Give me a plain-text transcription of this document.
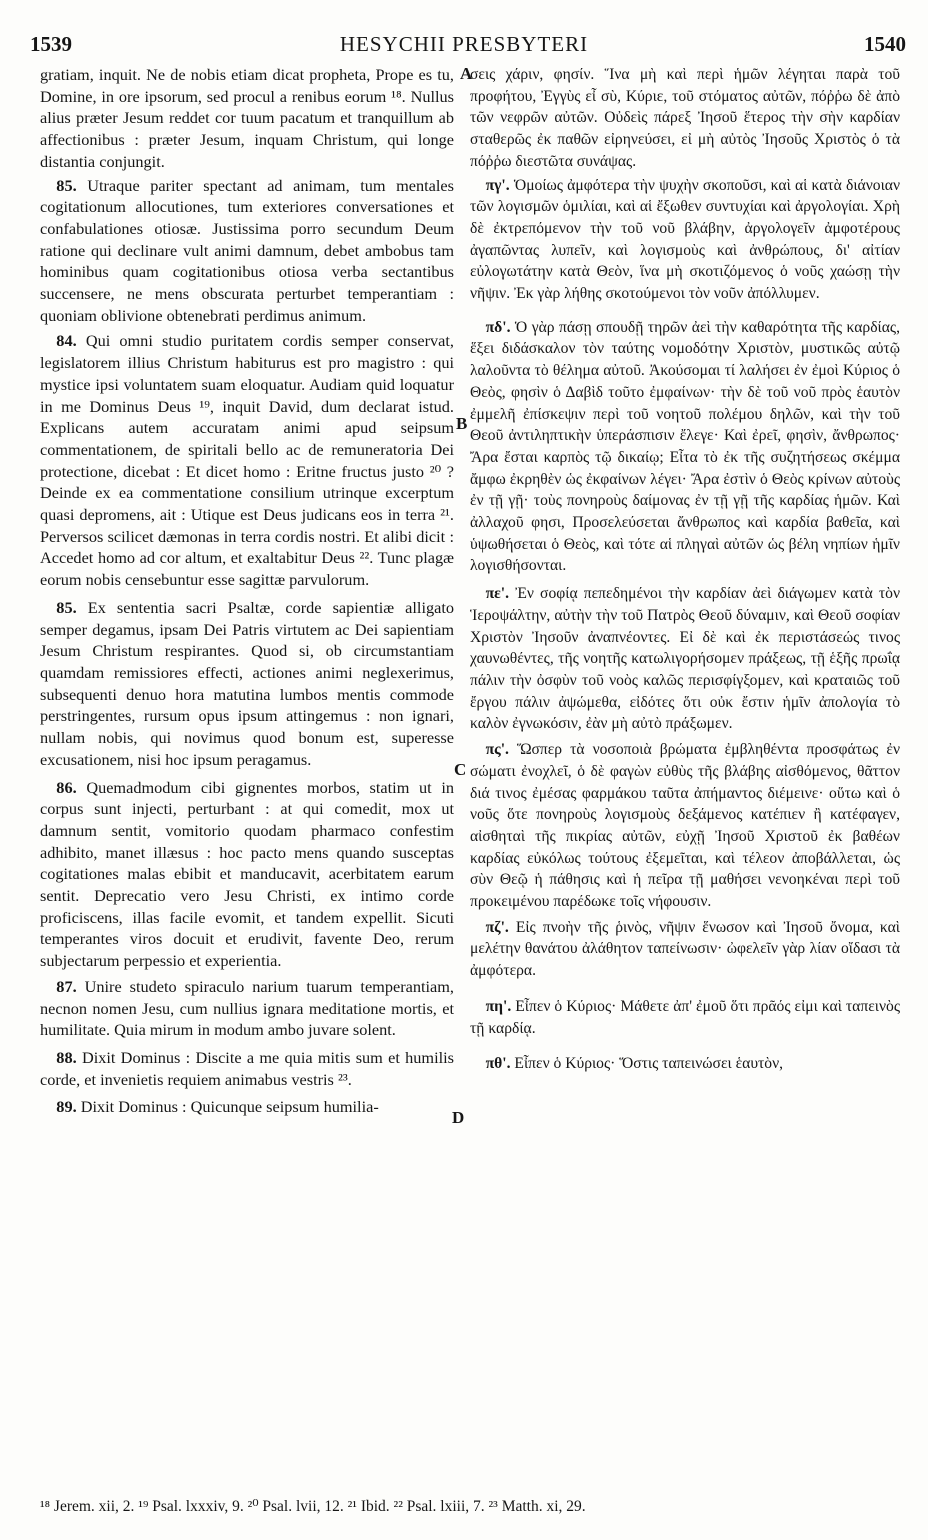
1539	HESYCHII PRESBYTERI	1540

gratiam, inquit. Ne de nobis etiam dicat propheta, Prope es tu, Domine, in ore ipsorum, sed procul a renibus eorum ¹⁸. Nullus alius præter Jesum reddet cor tuum pacatum et tranquillum ab affectionibus : præter Jesum, inquam Christum, qui longe distantia conjungit.

85. Utraque pariter spectant ad animam, tum mentales cogitationum allocutiones, tum exteriores conversationes et confabulationes otiosæ. Justissima porro secundum Deum ratione qui declinare vult animi damnum, debet ambobus tam hominibus quam cogitationibus otiosa verba sectantibus succensere, ne mens obscurata perturbet temperantiam : quoniam oblivione obtenebrati perdimus animum.

84. Qui omni studio puritatem cordis semper conservat, legislatorem illius Christum habiturus est pro magistro : qui mystice ipsi voluntatem suam eloquatur. Audiam quid loquatur in me Dominus Deus ¹⁹, inquit David, dum declarat istud. Explicans autem accuratam animi apud seipsum commentationem, de spiritali bello ac de remuneratoria Dei protectione, dicebat : Et dicet homo : Eritne fructus justo ²⁰ ? Deinde ex ea commentatione consilium utrinque excerptum quasi depromens, ait : Utique est Deus judicans eos in terra ²¹. Perversos scilicet dæmonas in terra cordis nostri. Et alibi dicit : Accedet homo ad cor altum, et exaltabitur Deus ²². Tunc plagæ eorum nobis censebuntur esse sagittæ parvulorum.

85. Ex sententia sacri Psaltæ, corde sapientiæ alligato semper degamus, ipsam Dei Patris virtutem ac Dei sapientiam Jesum Christum respirantes. Quod si, ob circumstantiam quamdam remissiores effecti, actiones animi neglexerimus, subsequenti denuo hora matutina lumbos mentis commode perstringentes, rursum opus ipsum attingemus : non ignari, nullam nobis, qui novimus quod bonum est, superesse excusationem, nisi hoc ipsum peragamus.

86. Quemadmodum cibi gignentes morbos, statim ut in corpus sunt injecti, perturbant : at qui comedit, mox ut damnum sentit, vomitorio quodam pharmaco confestim adhibito, manet illæsus : hoc pacto mens quando susceptas cogitationes malas ebibit et manducavit, acerbitatem earum sentit. Deprecatio vero Jesu Christi, ex intimo corde proficiscens, illas facile evomit, et tandem expellit. Sicuti temperantes viros docuit et erudivit, favente Deo, rerum subjectarum perpessio et experientia.

87. Unire studeto spiraculo narium tuarum temperantiam, necnon nomen Jesu, cum nullius ignara meditatione mortis, et humilitate. Quia mirum in modum ambo juvare solent.

88. Dixit Dominus : Discite a me quia mitis sum et humilis corde, et invenietis requiem animabus vestris ²³.

89. Dixit Dominus : Quicunque seipsum humilia-

σεις χάριν, φησίν. Ἵνα μὴ καὶ περὶ ἡμῶν λέγηται παρὰ τοῦ προφήτου, Ἐγγὺς εἶ σὺ, Κύριε, τοῦ στόματος αὐτῶν, πόῤῥω δὲ ἀπὸ τῶν νεφρῶν αὐτῶν. Οὐδεὶς πάρεξ Ἰησοῦ ἕτερος τὴν σὴν καρδίαν σταθερῶς ἐκ παθῶν εἰρηνεύσει, εἰ μὴ αὐτὸς Ἰησοῦς Χριστὸς ὁ τὰ πόῤῥω διεστῶτα συνάψας.

πγ'. Ὁμοίως ἀμφότερα τὴν ψυχὴν σκοποῦσι, καὶ αἱ κατὰ διάνοιαν τῶν λογισμῶν ὁμιλίαι, καὶ αἱ ἔξωθεν συντυχίαι καὶ ἀργολογίαι. Χρὴ δὲ ἐκτρεπόμενον τὴν τοῦ νοῦ βλάβην, ἀργολογεῖν ἀμφοτέρους ἀγαπῶντας λυπεῖν, καὶ λογισμοὺς καὶ ἀνθρώπους, δι' αἰτίαν εὐλογωτάτην κατὰ Θεὸν, ἵνα μὴ σκοτιζόμενος ὁ νοῦς χαώσῃ τὴν νῆψιν. Ἐκ γὰρ λήθης σκοτούμενοι τὸν νοῦν ἀπόλλυμεν.

πδ'. Ὁ γὰρ πάσῃ σπουδῇ τηρῶν ἀεὶ τὴν καθαρότητα τῆς καρδίας, ἕξει διδάσκαλον τὸν ταύτης νομοδότην Χριστὸν, μυστικῶς αὐτῷ λαλοῦντα τὸ θέλημα αὐτοῦ. Ἀκούσομαι τί λαλήσει ἐν ἐμοὶ Κύριος ὁ Θεὸς, φησὶν ὁ Δαβὶδ τοῦτο ἐμφαίνων· τὴν δὲ τοῦ νοῦ πρὸς ἑαυτὸν ἐμμελῆ ἐπίσκεψιν περὶ τοῦ νοητοῦ πολέμου δηλῶν, καὶ τὴν τοῦ Θεοῦ ἀντιληπτικὴν ὑπεράσπισιν ἔλεγε· Καὶ ἐρεῖ, φησὶν, ἄνθρωπος· Ἄρα ἔσται καρπὸς τῷ δικαίῳ; Εἶτα τὸ ἐκ τῆς συζητήσεως σκέμμα ἄμφω ἐκρηθὲν ὡς ἐκφαίνων λέγει· Ἄρα ἐστὶν ὁ Θεὸς κρίνων αὐτοὺς ἐν τῇ γῇ· τοὺς πονηροὺς δαίμονας ἐν τῇ γῇ τῆς καρδίας ἡμῶν. Καὶ ἀλλαχοῦ φησι, Προσελεύσεται ἄνθρωπος καὶ καρδία βαθεῖα, καὶ ὑψωθήσεται ὁ Θεὸς, καὶ τότε αἱ πληγαὶ αὐτῶν ὡς βέλη νηπίων ἡμῖν λογισθήσονται.

πε'. Ἐν σοφίᾳ πεπεδημένοι τὴν καρδίαν ἀεὶ διάγωμεν κατὰ τὸν Ἱεροψάλτην, αὐτὴν τὴν τοῦ Πατρὸς Θεοῦ δύναμιν, καὶ Θεοῦ σοφίαν Χριστὸν Ἰησοῦν ἀναπνέοντες. Εἰ δὲ καὶ ἐκ περιστάσεώς τινος χαυνωθέντες, τῆς νοητῆς κατωλιγορήσομεν πράξεως, τῇ ἑξῆς πρωΐᾳ πάλιν τὴν ὀσφὺν τοῦ νοὸς καλῶς περισφίγξομεν, καὶ κραταιῶς τοῦ ἔργου πάλιν ἀψώμεθα, εἰδότες ὅτι οὐκ ἔστιν ἡμῖν ἀπολογία τὸ καλὸν ἐγνωκόσιν, ἐὰν μὴ αὐτὸ πράξωμεν.

πς'. Ὥσπερ τὰ νοσοποιὰ βρώματα ἐμβληθέντα προσφάτως ἐν σώματι ἐνοχλεῖ, ὁ δὲ φαγὼν εὐθὺς τῆς βλάβης αἰσθόμενος, θᾶττον διά τινος ἐμέσας φαρμάκου ταῦτα ἀπήμαντος διέμεινε· οὕτω καὶ ὁ νοῦς ὅτε πονηροὺς λογισμοὺς δεξάμενος κατέπιεν ἢ κατέφαγεν, αἰσθηταὶ τῆς πικρίας αὐτῶν, εὐχῇ Ἰησοῦ Χριστοῦ ἐκ βαθέων καρδίας εὐκόλως τούτους ἐξεμεῖται, καὶ τέλεον ἀποβάλλεται, ὡς σὺν Θεῷ ἡ πάθησις καὶ ἡ πεῖρα τῇ μαθήσει νενοηκέναι περὶ τοῦ προκειμένου παρέδωκε τοῖς νήφουσιν.

πζ'. Εἰς πνοὴν τῆς ῥινὸς, νῆψιν ἕνωσον καὶ Ἰησοῦ ὄνομα, καὶ μελέτην θανάτου ἀλάθητον ταπείνωσιν· ὠφελεῖν γὰρ λίαν οἴδασι τὰ ἀμφότερα.

πη'. Εἶπεν ὁ Κύριος· Μάθετε ἀπ' ἐμοῦ ὅτι πρᾶός εἰμι καὶ ταπεινὸς τῇ καρδίᾳ.

πθ'. Εἶπεν ὁ Κύριος· Ὅστις ταπεινώσει ἑαυτὸν,

A
B
C
D
¹⁸ Jerem. xii, 2. ¹⁹ Psal. lxxxiv, 9. ²⁰ Psal. lvii, 12. ²¹ Ibid. ²² Psal. lxiii, 7. ²³ Matth. xi, 29.
